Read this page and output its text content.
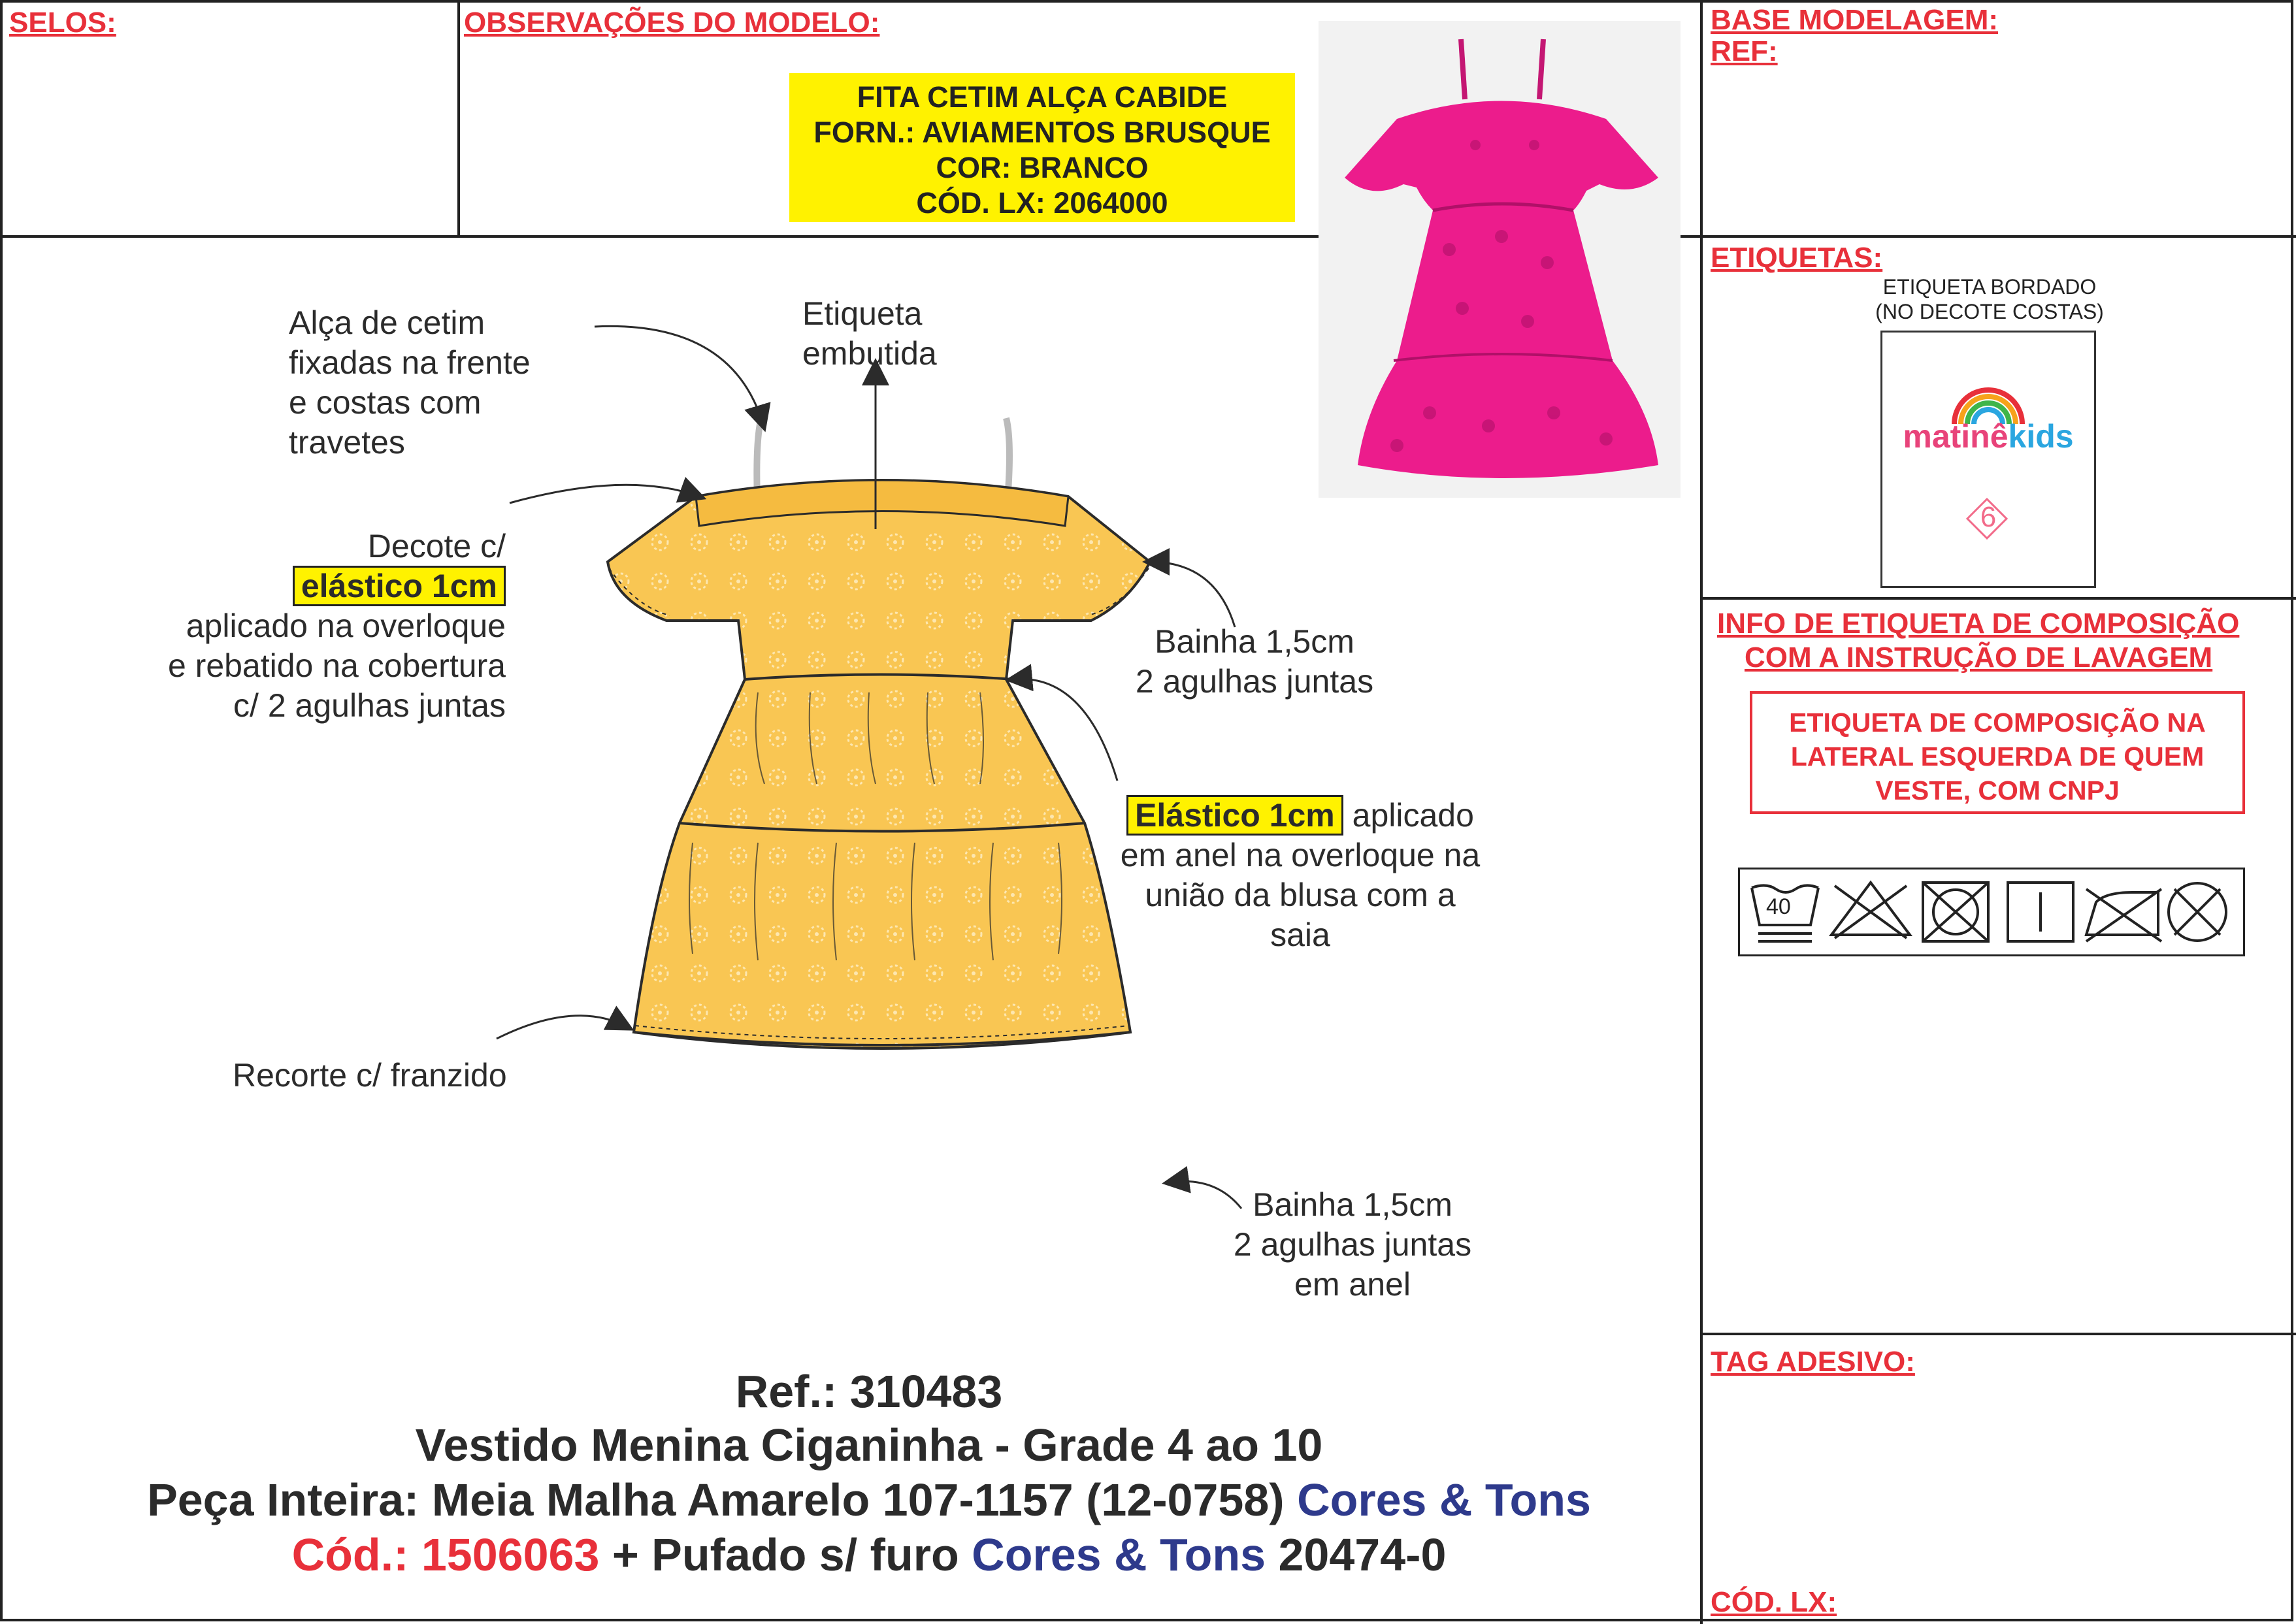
SELOS:	OBSERVAÇÕES DO MODELO:	BASE MODELAGEM:
REF:
ETIQUETAS:
INFO DE ETIQUETA DE COMPOSIÇÃO
COM A INSTRUÇÃO DE LAVAGEM
TAG ADESIVO:
CÓD. LX:
FITA CETIM ALÇA CABIDE
FORN.: AVIAMENTOS BRUSQUE
COR: BRANCO
CÓD. LX: 2064000
Alça de cetim
fixadas na frente
e costas com
travetes
Etiqueta
embutida
Decote c/
elástico 1cm
aplicado na overloque
e rebatido na cobertura
c/ 2 agulhas juntas
Bainha 1,5cm
2 agulhas juntas
Elástico 1cm aplicado
em anel na overloque na
união da blusa com a
saia
Recorte c/ franzido
Bainha 1,5cm
2 agulhas juntas
em anel
ETIQUETA BORDADO
(NO DECOTE COSTAS)
matinêkids
6
ETIQUETA DE COMPOSIÇÃO NA
LATERAL ESQUERDA DE QUEM
VESTE, COM CNPJ
40
Ref.: 310483
Vestido Menina Ciganinha - Grade 4 ao 10
Peça Inteira: Meia Malha Amarelo 107-1157 (12-0758) Cores & Tons
Cód.: 1506063 + Pufado s/ furo Cores & Tons 20474-0
